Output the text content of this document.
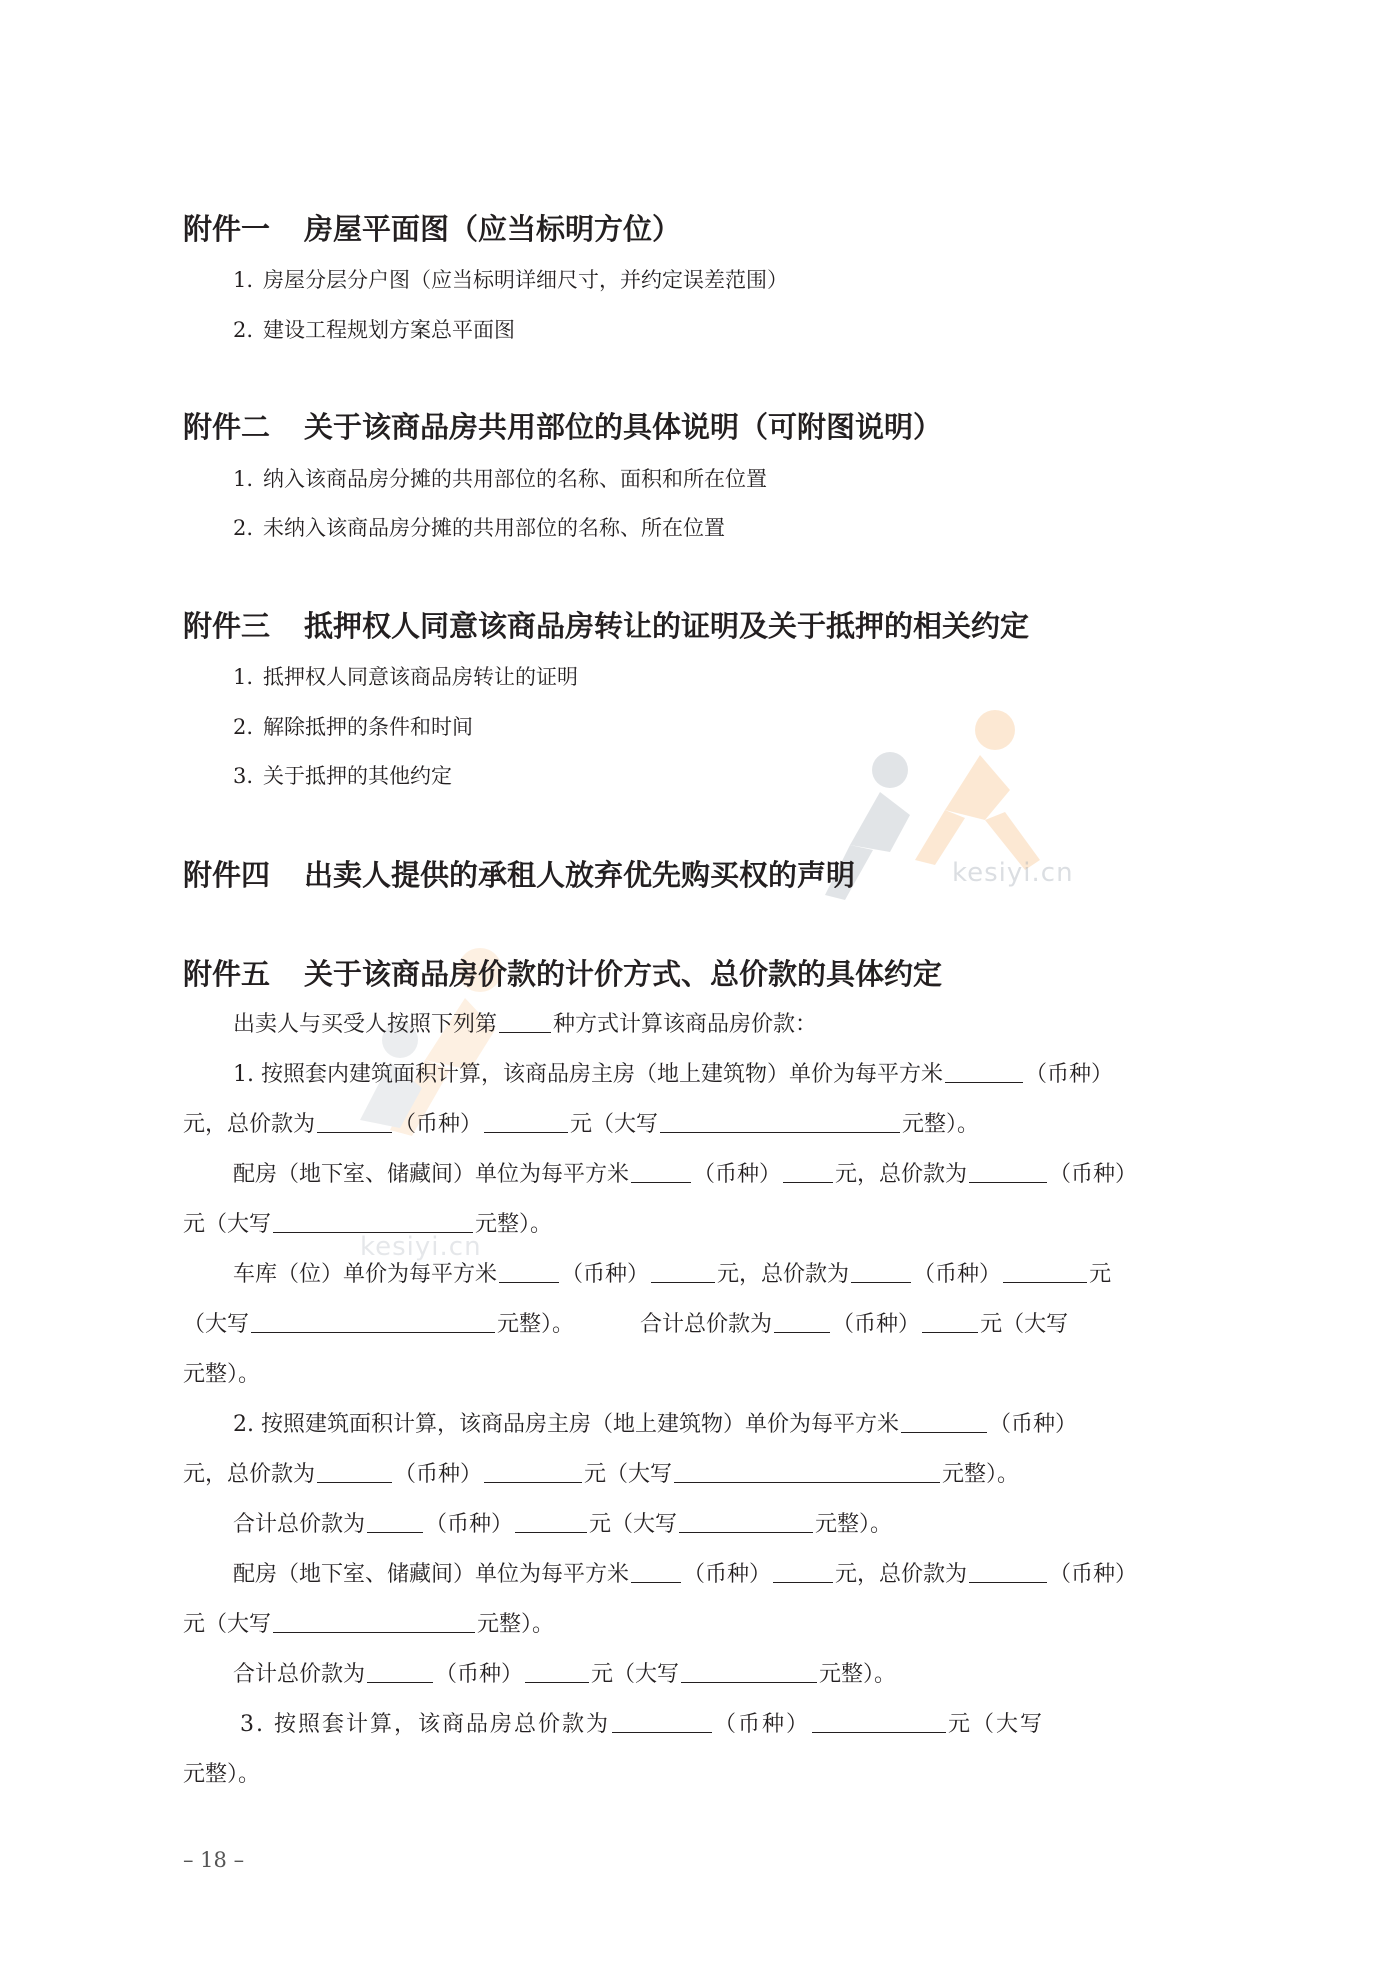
kesiyi.cn
kesiyi.cn
附件一 房屋平面图（应当标明方位）
1. 房屋分层分户图（应当标明详细尺寸，并约定误差范围）
2. 建设工程规划方案总平面图
附件二 关于该商品房共用部位的具体说明（可附图说明）
1. 纳入该商品房分摊的共用部位的名称、面积和所在位置
2. 未纳入该商品房分摊的共用部位的名称、所在位置
附件三 抵押权人同意该商品房转让的证明及关于抵押的相关约定
1. 抵押权人同意该商品房转让的证明
2. 解除抵押的条件和时间
3. 关于抵押的其他约定
附件四 出卖人提供的承租人放弃优先购买权的声明
附件五 关于该商品房价款的计价方式、总价款的具体约定
出卖人与买受人按照下列第	种方式计算该商品房价款：
1. 按照套内建筑面积计算，该商品房主房（地上建筑物）单价为每平方米	（币种）
元，总价款为	（币种）	元（大写	元整）。
配房（地下室、储藏间）单位为每平方米	（币种） 元，总价款为	（币种）
元（大写	元整）。
车库（位）单价为每平方米	（币种）	元，总价款为	（币种）	元
（大写	元整）。	合计总价款为	（币种）	元（大写
元整）。
2. 按照建筑面积计算，该商品房主房（地上建筑物）单价为每平方米	（币种）
元，总价款为	（币种）	元（大写	元整）。
合计总价款为	（币种）	元（大写	元整）。
配房（地下室、储藏间）单位为每平方米 （币种）	元，总价款为	（币种）
元（大写	元整）。
合计总价款为	（币种）	元（大写	元整）。
3. 按照套计算，该商品房总价款为	（币种）	元（大写
元整）。
– 18 –
